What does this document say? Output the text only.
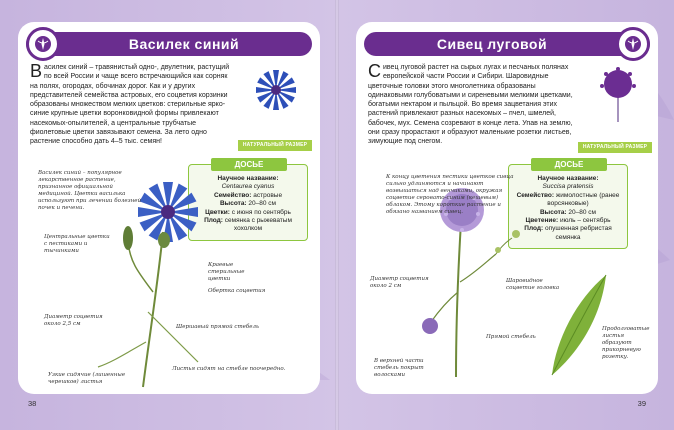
Василек синий
Василек синий – травянистый одно-, двулетник, растущий по всей России и чаще всего встречающийся как сорняк на полях, огородах, обочинах дорог. Как и у других представителей семейства астровых, его соцветия корзинки образованы множеством мелких цветков: стерильные ярко-синие крупные цветки воронковидной формы привлекают насекомых-опылителей, а центральные трубчатые фиолетовые цветки завязывают семена. За лето одно растение способно дать 4–5 тыс. семян!	НАТУРАЛЬНЫЙ РАЗМЕР
ДОСЬЕ
Научное название:
Centaurea cyanus
Семейство: астровые
Высота: 20–80 см
Цветки: с июня по сентябрь
Плод: семянка с рыжеватым хохолком
Василек синий – популярное лекарственное растение, признанное официальной медициной. Цветки василька используют при лечении болезней почек и печени.
Центральные цветки с пестиками и тычинками
Краевые стерильные цветки
Обертка соцветия
Диаметр соцветия около 2,5 см	Шершавый прямой стебель
Листья сидят на стебле поочередно.
Узкие сидячие (лишенные черешков) листья
Сивец луговой
Сивец луговой растет на сырых лугах и песчаных полянах европейской части России и Сибири. Шаровидные цветочные головки этого многолетника образованы одинаковыми голубоватыми и сиреневыми мелкими цветками, богатыми нектаром и пыльцой. Во время зацветания этих растений привлекают разных насекомых – пчел, шмелей, бабочек, мух. Семена созревают в конце лета. Упав на землю, они сразу прорастают и образуют маленькие розетки листьев, зимующие под снегом.
НАТУРАЛЬНЫЙ РАЗМЕР
ДОСЬЕ
Научное название:
Succisa pratensis
Семейство: жимолостные (ранее ворсянковые)
Высота: 20–80 см
Цветение: июль – сентябрь
Плод: опушенная ребристая семянка
К концу цветения пестики цветков сивца сильно удлиняются и начинают возвышаться над венчиками, окружая соцветие серовато-синим (кешевым) облаком. Этому короткие растение и обязано названием сивец.
Диаметр соцветия около 2 см
Шаровидное соцветие головка
Прямой стебель
В верхней части стебель покрыт волосками
Продолговатые листья образуют прикорневую розетку.
38	39
